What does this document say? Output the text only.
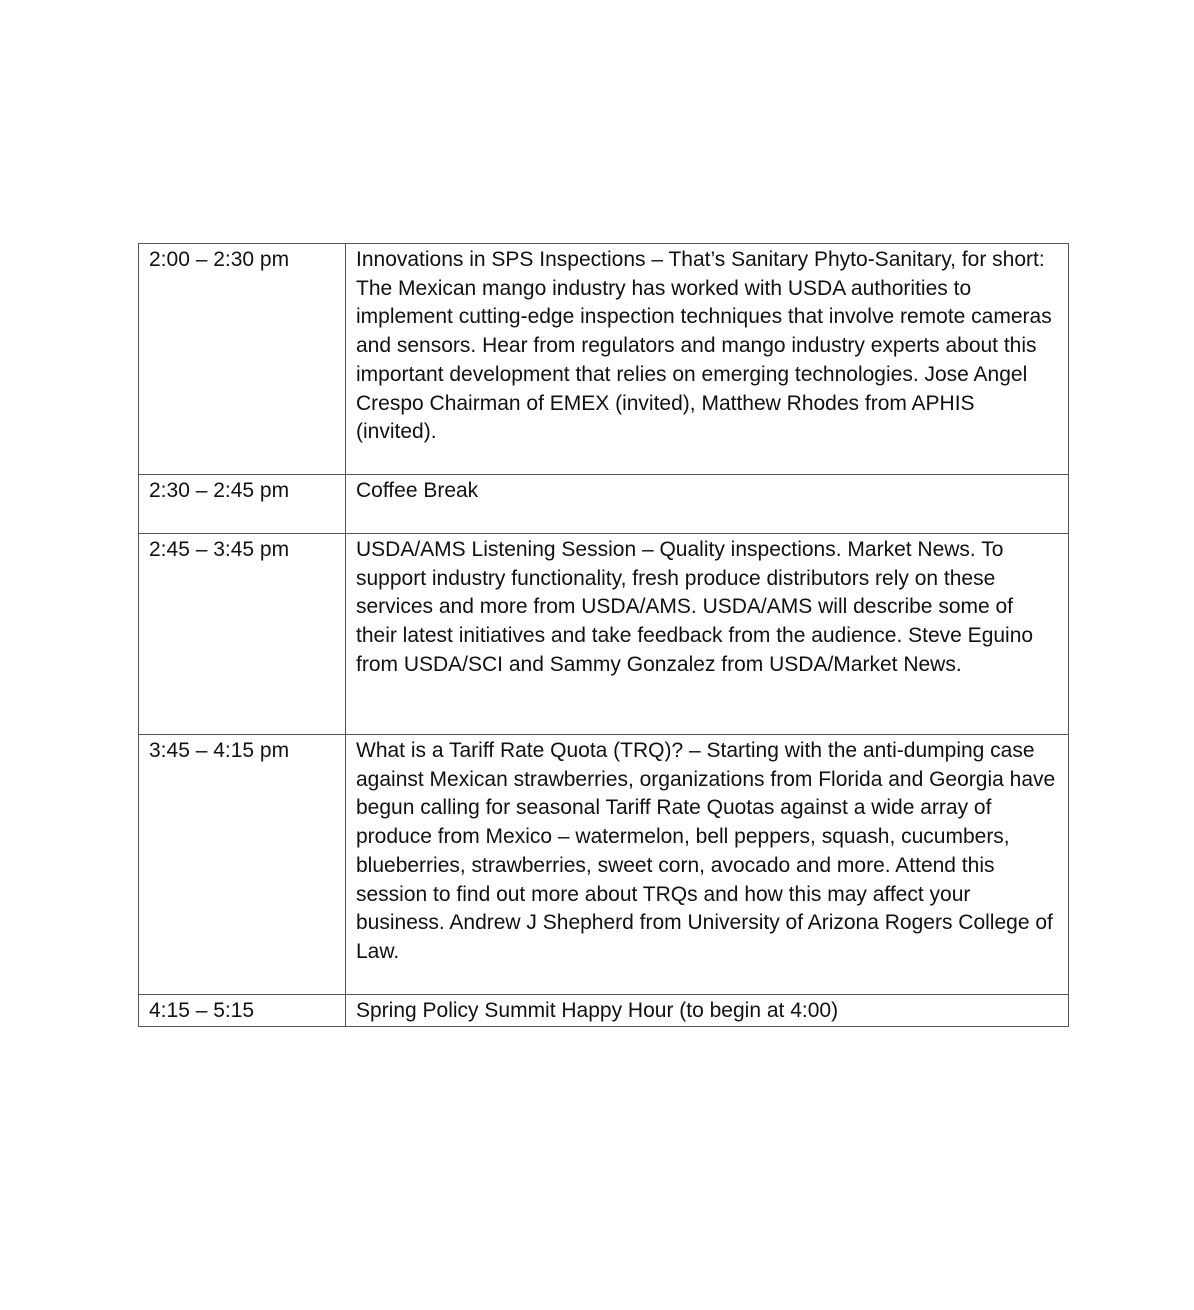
2:00 – 2:30 pm	Innovations in SPS Inspections – That’s Sanitary Phyto-Sanitary, for short: The Mexican mango industry has worked with USDA authorities to implement cutting-edge inspection techniques that involve remote cameras and sensors. Hear from regulators and mango industry experts about this important development that relies on emerging technologies. Jose Angel Crespo Chairman of EMEX (invited), Matthew Rhodes from APHIS (invited).
2:30 – 2:45 pm	Coffee Break
2:45 – 3:45 pm	USDA/AMS Listening Session – Quality inspections. Market News. To support industry functionality, fresh produce distributors rely on these services and more from USDA/AMS. USDA/AMS will describe some of their latest initiatives and take feedback from the audience. Steve Eguino from USDA/SCI and Sammy Gonzalez from USDA/Market News.
3:45 – 4:15 pm	What is a Tariff Rate Quota (TRQ)? – Starting with the anti-dumping case against Mexican strawberries, organizations from Florida and Georgia have begun calling for seasonal Tariff Rate Quotas against a wide array of produce from Mexico – watermelon, bell peppers, squash, cucumbers, blueberries, strawberries, sweet corn, avocado and more. Attend this session to find out more about TRQs and how this may affect your business. Andrew J Shepherd from University of Arizona Rogers College of Law.
4:15 – 5:15	Spring Policy Summit Happy Hour (to begin at 4:00)
